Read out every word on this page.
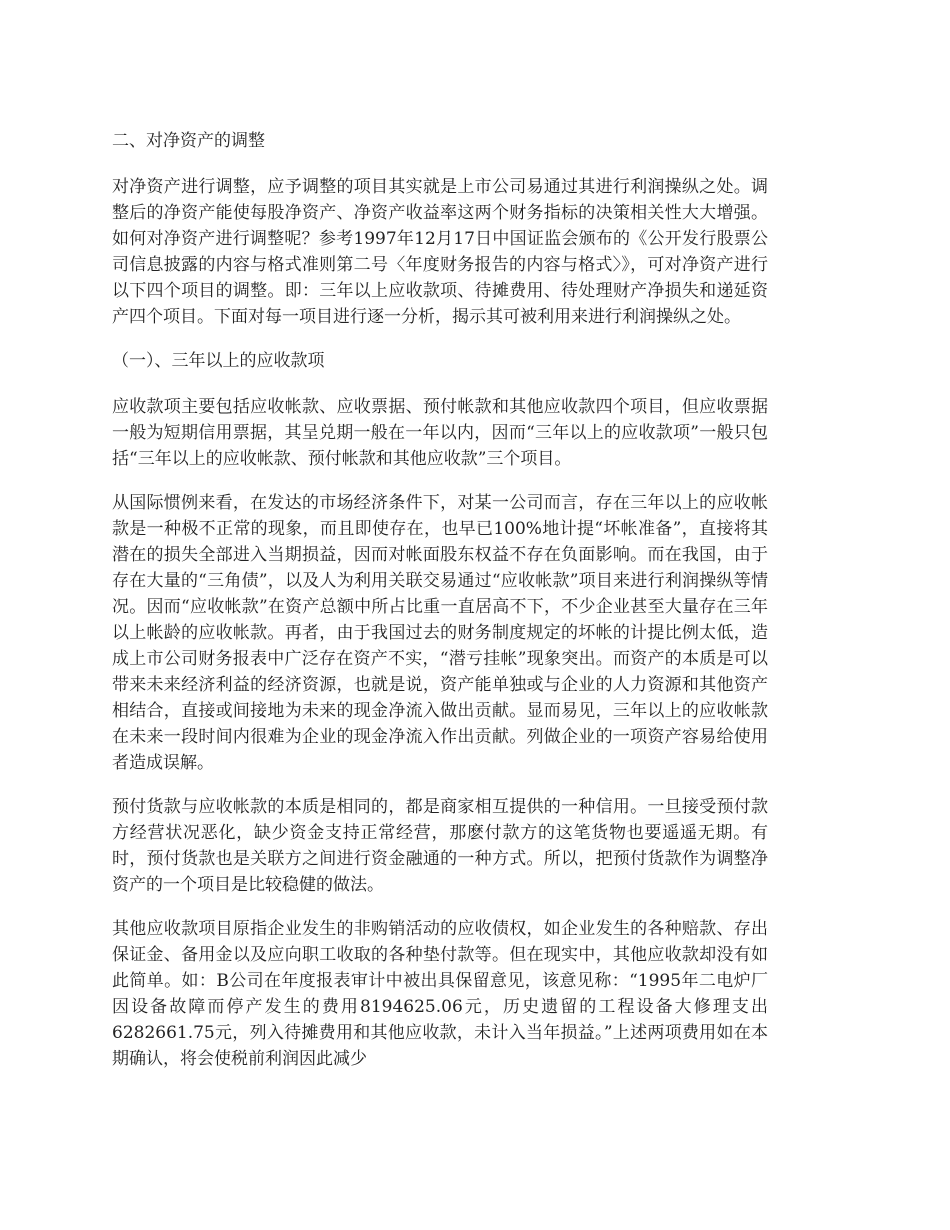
二、对净资产的调整

对净资产进行调整，应予调整的项目其实就是上市公司易通过其进行利润操纵之处。调整后的净资产能使每股净资产、净资产收益率这两个财务指标的决策相关性大大增强。如何对净资产进行调整呢？参考1997年12月17日中国证监会颁布的《公开发行股票公司信息披露的内容与格式准则第二号〈年度财务报告的内容与格式〉》，可对净资产进行以下四个项目的调整。即：三年以上应收款项、待摊费用、待处理财产净损失和递延资产四个项目。下面对每一项目进行逐一分析，揭示其可被利用来进行利润操纵之处。

（一）、三年以上的应收款项

应收款项主要包括应收帐款、应收票据、预付帐款和其他应收款四个项目，但应收票据一般为短期信用票据，其呈兑期一般在一年以内，因而“三年以上的应收款项”一般只包括“三年以上的应收帐款、预付帐款和其他应收款”三个项目。

从国际惯例来看，在发达的市场经济条件下，对某一公司而言，存在三年以上的应收帐款是一种极不正常的现象，而且即使存在，也早已100%地计提“坏帐准备”，直接将其潜在的损失全部进入当期损益，因而对帐面股东权益不存在负面影响。而在我国，由于存在大量的“三角债”，以及人为利用关联交易通过“应收帐款”项目来进行利润操纵等情况。因而“应收帐款”在资产总额中所占比重一直居高不下，不少企业甚至大量存在三年以上帐龄的应收帐款。再者，由于我国过去的财务制度规定的坏帐的计提比例太低，造成上市公司财务报表中广泛存在资产不实，“潜亏挂帐”现象突出。而资产的本质是可以带来未来经济利益的经济资源，也就是说，资产能单独或与企业的人力资源和其他资产相结合，直接或间接地为未来的现金净流入做出贡献。显而易见，三年以上的应收帐款在未来一段时间内很难为企业的现金净流入作出贡献。列做企业的一项资产容易给使用者造成误解。

预付货款与应收帐款的本质是相同的，都是商家相互提供的一种信用。一旦接受预付款方经营状况恶化，缺少资金支持正常经营，那麽付款方的这笔货物也要遥遥无期。有时，预付货款也是关联方之间进行资金融通的一种方式。所以，把预付货款作为调整净资产的一个项目是比较稳健的做法。

其他应收款项目原指企业发生的非购销活动的应收债权，如企业发生的各种赔款、存出保证金、备用金以及应向职工收取的各种垫付款等。但在现实中，其他应收款却没有如此简单。如：B公司在年度报表审计中被出具保留意见，该意见称：“1995年二电炉厂因设备故障而停产发生的费用8194625.06元，历史遗留的工程设备大修理支出6282661.75元，列入待摊费用和其他应收款，未计入当年损益。”上述两项费用如在本期确认，将会使税前利润因此减少
